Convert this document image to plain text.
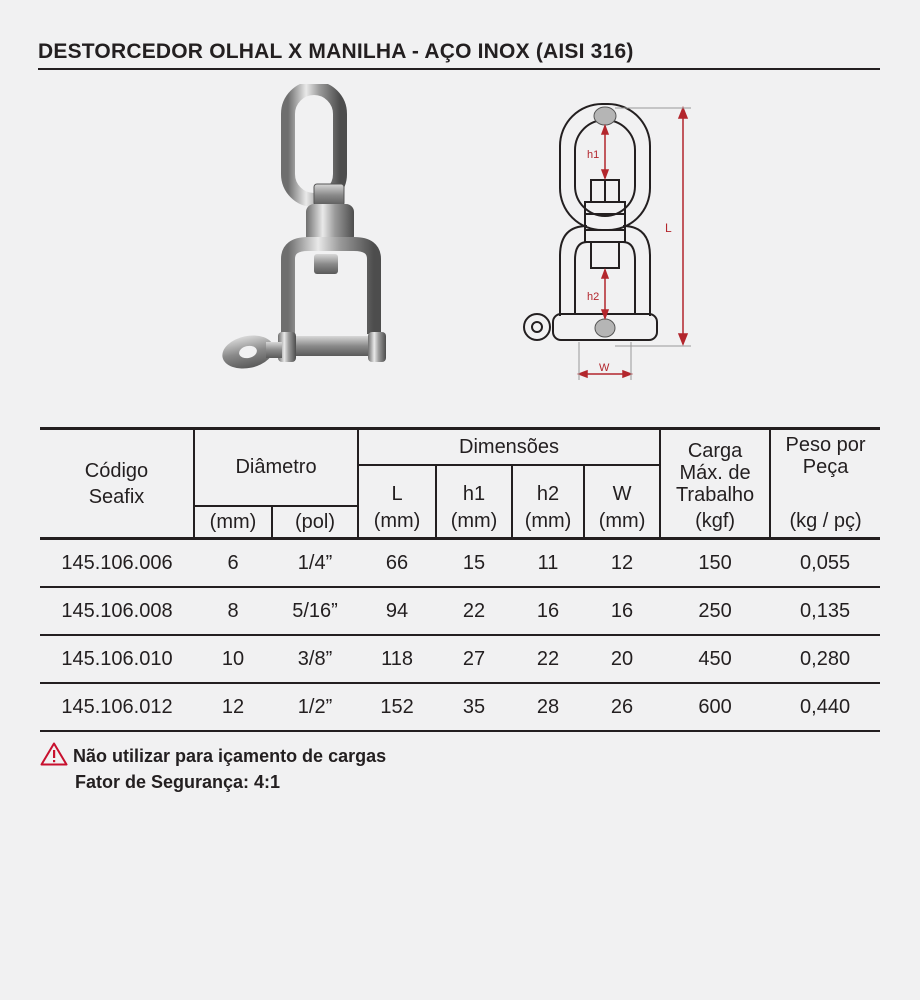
DESTORCEDOR OLHAL X MANILHA - AÇO INOX (AISI 316)
L
h1
h2
W
Código
Seafix	Diâmetro		Dimensões				Carga
Máx. de
Trabalho	Peso por
Peça
			L	h1	h2	W		
	(mm)	(pol)	(mm)	(mm)	(mm)	(mm)	(kgf)	(kg / pç)
145.106.006	6	1/4”	66	15	11	12	150	0,055
145.106.008	8	5/16”	94	22	16	16	250	0,135
145.106.010	10	3/8”	118	27	22	20	450	0,280
145.106.012	12	1/2”	152	35	28	26	600	0,440
Não utilizar para içamento de cargas
Fator de Segurança: 4:1
